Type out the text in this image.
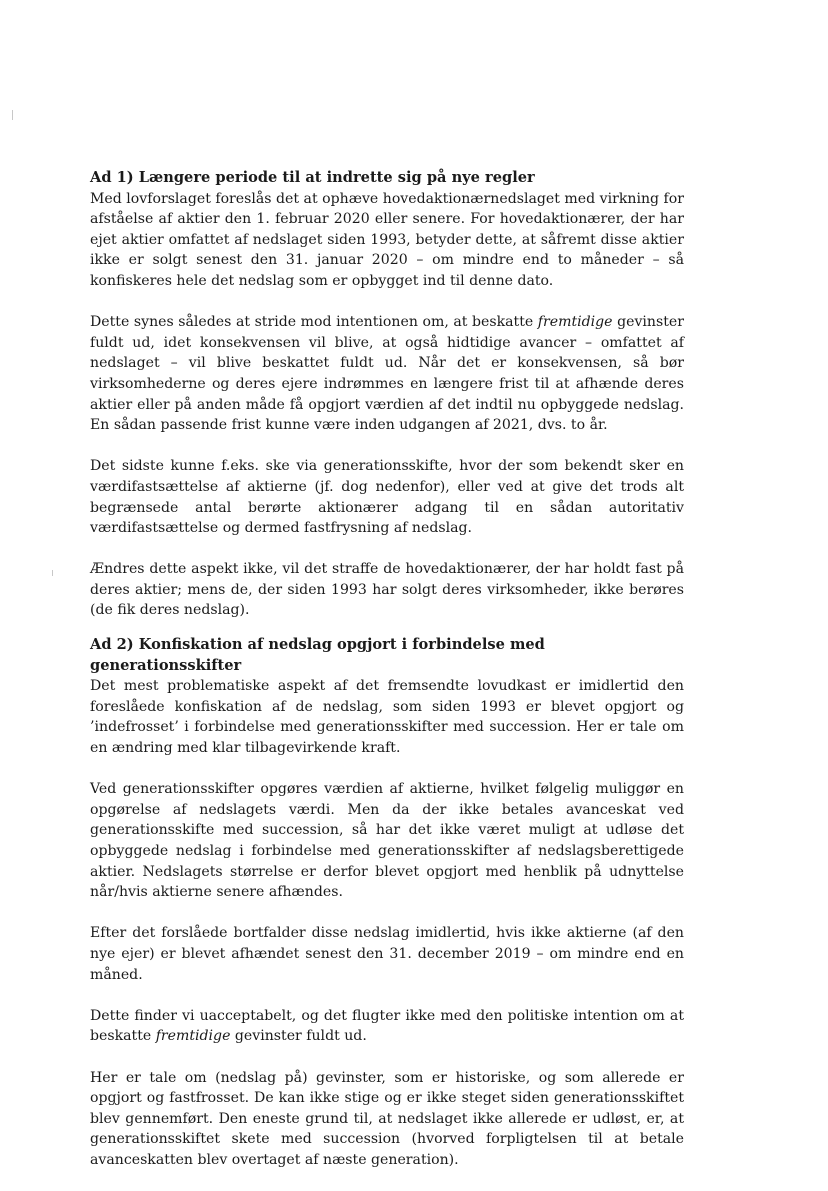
Ad 1) Længere periode til at indrette sig på nye regler

Med lovforslaget foreslås det at ophæve hovedaktionærnedslaget med virkning for afståelse af aktier den 1. februar 2020 eller senere. For hovedaktionærer, der har ejet aktier omfattet af nedslaget siden 1993, betyder dette, at såfremt disse aktier ikke er solgt senest den 31. januar 2020 – om mindre end to måneder – så konfiskeres hele det nedslag som er opbygget ind til denne dato.

Dette synes således at stride mod intentionen om, at beskatte fremtidige gevinster fuldt ud, idet konsekvensen vil blive, at også hidtidige avancer – omfattet af nedslaget – vil blive beskattet fuldt ud. Når det er konsekvensen, så bør virksomhederne og deres ejere indrømmes en længere frist til at afhænde deres aktier eller på anden måde få opgjort værdien af det indtil nu opbyggede nedslag. En sådan passende frist kunne være inden udgangen af 2021, dvs. to år.

Det sidste kunne f.eks. ske via generationsskifte, hvor der som bekendt sker en værdifastsættelse af aktierne (jf. dog nedenfor), eller ved at give det trods alt begrænsede antal berørte aktionærer adgang til en sådan autoritativ værdifastsættelse og dermed fastfrysning af nedslag.

Ændres dette aspekt ikke, vil det straffe de hovedaktionærer, der har holdt fast på deres aktier; mens de, der siden 1993 har solgt deres virksomheder, ikke berøres (de fik deres nedslag).

Ad 2) Konfiskation af nedslag opgjort i forbindelse med generationsskifter

Det mest problematiske aspekt af det fremsendte lovudkast er imidlertid den foreslåede konfiskation af de nedslag, som siden 1993 er blevet opgjort og ’indefrosset’ i forbindelse med generationsskifter med succession. Her er tale om en ændring med klar tilbagevirkende kraft.

Ved generationsskifter opgøres værdien af aktierne, hvilket følgelig muliggør en opgørelse af nedslagets værdi. Men da der ikke betales avanceskat ved generationsskifte med succession, så har det ikke været muligt at udløse det opbyggede nedslag i forbindelse med generationsskifter af nedslagsberettigede aktier. Nedslagets størrelse er derfor blevet opgjort med henblik på udnyttelse når/hvis aktierne senere afhændes.

Efter det forslåede bortfalder disse nedslag imidlertid, hvis ikke aktierne (af den nye ejer) er blevet afhændet senest den 31. december 2019 – om mindre end en måned.

Dette finder vi uacceptabelt, og det flugter ikke med den politiske intention om at beskatte fremtidige gevinster fuldt ud.

Her er tale om (nedslag på) gevinster, som er historiske, og som allerede er opgjort og fastfrosset. De kan ikke stige og er ikke steget siden generationsskiftet blev gennemført. Den eneste grund til, at nedslaget ikke allerede er udløst, er, at generationsskiftet skete med succession (hvorved forpligtelsen til at betale avanceskatten blev overtaget af næste generation).
